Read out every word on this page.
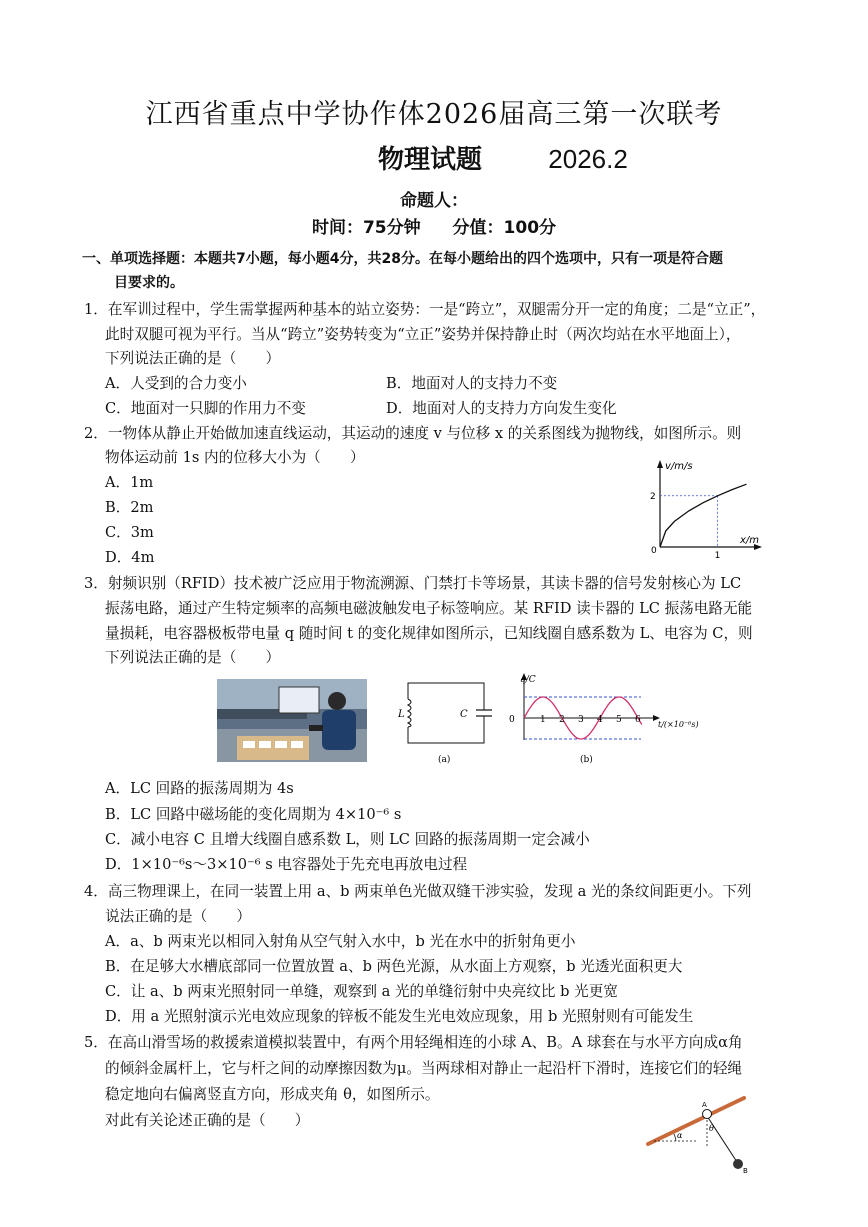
江西省重点中学协作体2026届高三第一次联考
物理试题	2026.2
命题人：
时间：75分钟 分值：100分
一、单项选择题：本题共7小题，每小题4分，共28分。在每小题给出的四个选项中，只有一项是符合题
目要求的。
1．在军训过程中，学生需掌握两种基本的站立姿势：一是“跨立”，双腿需分开一定的角度；二是“立正”，
此时双腿可视为平行。当从“跨立”姿势转变为“立正”姿势并保持静止时（两次均站在水平地面上），
下列说法正确的是（　　）
A．人受到的合力变小	B．地面对人的支持力不变
C．地面对一只脚的作用力不变	D．地面对人的支持力方向发生变化
2．一物体从静止开始做加速直线运动，其运动的速度 v 与位移 x 的关系图线为抛物线，如图所示。则
物体运动前 1s 内的位移大小为（　　）
A．1m
B．2m
C．3m
D．4m
v/m/s
x/m
0	1
2
3．射频识别（RFID）技术被广泛应用于物流溯源、门禁打卡等场景，其读卡器的信号发射核心为 LC
振荡电路，通过产生特定频率的高频电磁波触发电子标签响应。某 RFID 读卡器的 LC 振荡电路无能
量损耗，电容器极板带电量 q 随时间 t 的变化规律如图所示，已知线圈自感系数为 L、电容为 C，则
下列说法正确的是（　　）
L	C
(a)
q/C
0	1 2 3 4 5 6 t/(×10⁻⁶s)
(b)
A．LC 回路的振荡周期为 4s
B．LC 回路中磁场能的变化周期为 4×10⁻⁶ s
C．减小电容 C 且增大线圈自感系数 L，则 LC 回路的振荡周期一定会减小
D．1×10⁻⁶s～3×10⁻⁶ s 电容器处于先充电再放电过程
4．高三物理课上，在同一装置上用 a、b 两束单色光做双缝干涉实验，发现 a 光的条纹间距更小。下列
说法正确的是（　　）
A．a、b 两束光以相同入射角从空气射入水中，b 光在水中的折射角更小
B．在足够大水槽底部同一位置放置 a、b 两色光源，从水面上方观察，b 光透光面积更大
C．让 a、b 两束光照射同一单缝，观察到 a 光的单缝衍射中央亮纹比 b 光更宽
D．用 a 光照射演示光电效应现象的锌板不能发生光电效应现象，用 b 光照射则有可能发生
5．在高山滑雪场的救援索道模拟装置中，有两个用轻绳相连的小球 A、B。A 球套在与水平方向成α角
的倾斜金属杆上，它与杆之间的动摩擦因数为μ。当两球相对静止一起沿杆下滑时，连接它们的轻绳
稳定地向右偏离竖直方向，形成夹角 θ，如图所示。
对此有关论述正确的是（　　）
α
A
B
θ
